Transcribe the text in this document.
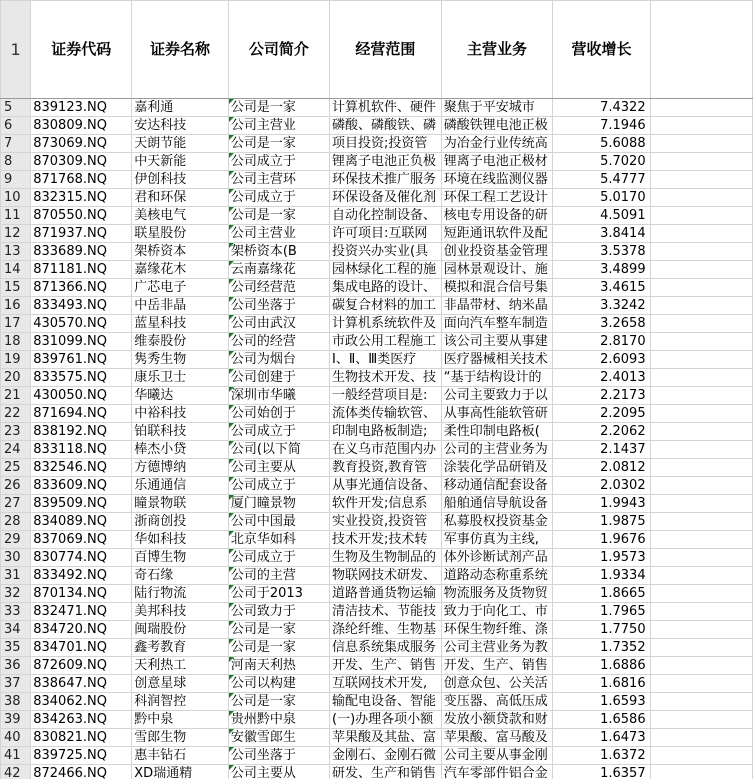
1	证券代码	证券名称	公司简介	经营范围	主营业务	营收增长	
5	839123.NQ	嘉利通	公司是一家	计算机软件、硬件	聚焦于平安城市	7.4322	
6	830809.NQ	安达科技	公司主营业	磷酸、磷酸铁、磷	磷酸铁锂电池正极	7.1946	
7	873069.NQ	天朗节能	公司是一家	项目投资;投资管	为冶金行业传统高	5.6088	
8	870309.NQ	中天新能	公司成立于	锂离子电池正负极	锂离子电池正极材	5.7020	
9	871768.NQ	伊创科技	公司主营环	环保技术推广服务	环境在线监测仪器	5.4777	
10	832315.NQ	君和环保	公司成立于	环保设备及催化剂	环保工程工艺设计	5.0170	
11	870550.NQ	美核电气	公司是一家	自动化控制设备、	核电专用设备的研	4.5091	
12	871937.NQ	联星股份	公司主营业	许可项目:互联网	短距通讯软件及配	3.8414	
13	833689.NQ	架桥资本	架桥资本(B	投资兴办实业(具	创业投资基金管理	3.5378	
14	871181.NQ	嘉缘花木	云南嘉缘花	园林绿化工程的施	园林景观设计、施	3.4899	
15	871366.NQ	广芯电子	公司经营范	集成电路的设计、	模拟和混合信号集	3.4615	
16	833493.NQ	中岳非晶	公司坐落于	碳复合材料的加工	非晶带材、纳米晶	3.3242	
17	430570.NQ	蓝星科技	公司由武汉	计算机系统软件及	面向汽车整车制造	3.2658	
18	831099.NQ	维泰股份	公司的经营	市政公用工程施工	该公司主要从事建	2.8170	
19	839761.NQ	隽秀生物	公司为烟台	Ⅰ、Ⅱ、Ⅲ类医疗	医疗器械相关技术	2.6093	
20	833575.NQ	康乐卫士	公司创建于	生物技术开发、技	“基于结构设计的	2.4013	
21	430050.NQ	华曦达	深圳市华曦	一般经营项目是:	公司主要致力于以	2.2173	
22	871694.NQ	中裕科技	公司始创于	流体类传输软管、	从事高性能软管研	2.2095	
23	838192.NQ	铂联科技	公司成立于	印制电路板制造;	柔性印制电路板(	2.2062	
24	833118.NQ	棒杰小贷	公司(以下简	在义乌市范围内办	公司的主营业务为	2.1437	
25	832546.NQ	方德博纳	公司主要从	教育投资,教育管	涂装化学品研销及	2.0812	
26	833609.NQ	乐通通信	公司成立于	从事光通信设备、	移动通信配套设备	2.0302	
27	839509.NQ	瞳景物联	厦门瞳景物	软件开发;信息系	船舶通信导航设备	1.9943	
28	834089.NQ	浙商创投	公司中国最	实业投资,投资管	私募股权投资基金	1.9875	
29	837069.NQ	华如科技	北京华如科	技术开发;技术转	军事仿真为主线,	1.9676	
30	830774.NQ	百博生物	公司成立于	生物及生物制品的	体外诊断试剂产品	1.9573	
31	833492.NQ	奇石缘	公司的主营	物联网技术研发、	道路动态称重系统	1.9334	
32	870134.NQ	陆行物流	公司于2013	道路普通货物运输	物流服务及货物贸	1.8665	
33	832471.NQ	美邦科技	公司致力于	清洁技术、节能技	致力于向化工、市	1.7965	
34	834720.NQ	闽瑞股份	公司是一家	涤纶纤维、生物基	环保生物纤维、涤	1.7750	
35	834701.NQ	鑫考教育	公司是一家	信息系统集成服务	公司主营业务为教	1.7352	
36	872609.NQ	天利热工	河南天利热	开发、生产、销售	开发、生产、销售	1.6886	
37	838647.NQ	创意星球	公司以构建	互联网技术开发,	创意众包、公关活	1.6816	
38	834062.NQ	科润智控	公司是一家	输配电设备、智能	变压器、高低压成	1.6593	
39	834263.NQ	黔中泉	贵州黔中泉	(一)办理各项小额	发放小额贷款和财	1.6586	
40	830821.NQ	雪郎生物	安徽雪郎生	苹果酸及其盐、富	苹果酸、富马酸及	1.6473	
41	839725.NQ	惠丰钻石	公司坐落于	金刚石、金刚石微	公司主要从事金刚	1.6372	
42	872466.NQ	XD瑞通精	公司主要从	研发、生产和销售	汽车零部件铝合金	1.6357	
